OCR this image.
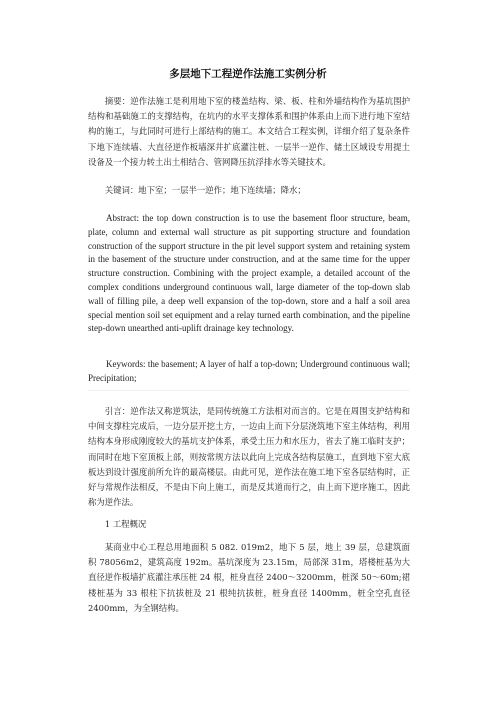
多层地下工程逆作法施工实例分析

摘要：逆作法施工是利用地下室的楼盖结构、梁、板、柱和外墙结构作为基坑围护结构和基础施工的支撑结构，在坑内的水平支撑体系和围护体系由上而下进行地下室结构的施工，与此同时可进行上部结构的施工。本文结合工程实例，详细介绍了复杂条件下地下连续墙、大直径逆作板墙深井扩底灌注桩、一层半一逆作、储土区域设专用提土设备及一个接力转土出土相结合、管网降压抗浮排水等关键技术。

关键词：地下室；一层半一逆作；地下连续墙；降水；

Abstract: the top down construction is to use the basement floor structure, beam, plate, column and external wall structure as pit supporting structure and foundation construction of the support structure in the pit level support system and retaining system in the basement of the structure under construction, and at the same time for the upper structure construction. Combining with the project example, a detailed account of the complex conditions underground continuous wall, large diameter of the top-down slab wall of filling pile, a deep well expansion of the top-down, store and a half a soil area special mention soil set equipment and a relay turned earth combination, and the pipeline step-down unearthed anti-uplift drainage key technology.

Keywords: the basement; A layer of half a top-down; Underground continuous wall; Precipitation;

引言：逆作法又称逆筑法，是同传统施工方法相对而言的。它是在周围支护结构和中间支撑柱完成后，一边分层开挖土方，一边由上而下分层浇筑地下室主体结构，利用结构本身形成刚度较大的基坑支护体系，承受土压力和水压力，省去了施工临时支护；而同时在地下室顶板上部，则按常规方法以此向上完成各结构层施工，直到地下室大底板达到设计强度前所允许的最高楼层。由此可见，逆作法在施工地下室各层结构时，正好与常规作法相反，不是由下向上施工，而是反其道而行之，由上而下逆序施工，因此称为逆作法。

1 工程概况

某商业中心工程总用地面积 5 082. 019m2，地下 5 层，地上 39 层，总建筑面积 78056m2，建筑高度 192m。基坑深度为 23.15m，局部深 31m，塔楼桩基为大直径逆作板墙扩底灌注承压桩 24 根，桩身直径 2400～3200mm，桩深 50～60m;裙楼桩基为 33 根柱下抗拔桩及 21 根纯抗拔桩，桩身直径 1400mm，桩全空孔直径 2400mm，为全钢结构。
